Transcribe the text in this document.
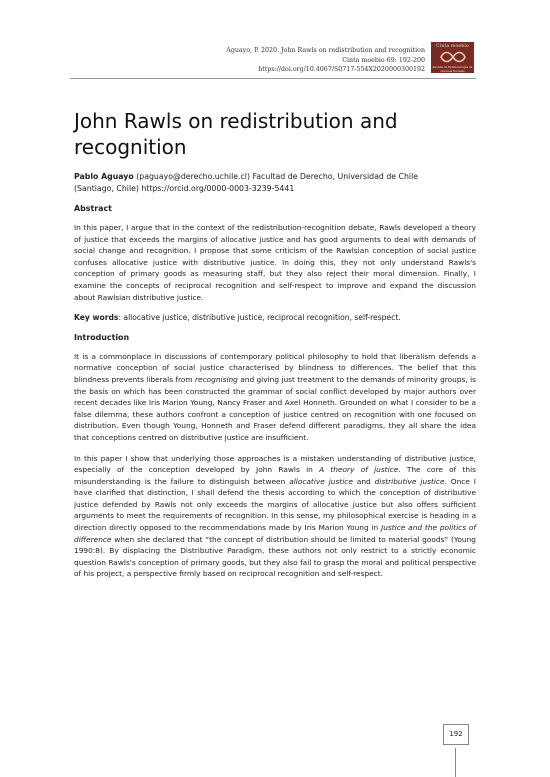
Aguayo, P. 2020. John Rawls on redistribution and recognition
Cinta moebio 69: 192-200
https://doi.org/10.4067/S0717-554X2020000300192
Cinta moebio
Revista de Epistemología de Ciencias Sociales
John Rawls on redistribution and recognition
Pablo Aguayo (paguayo@derecho.uchile.cl) Facultad de Derecho, Universidad de Chile
(Santiago, Chile) https://orcid.org/0000-0003-3239-5441
Abstract

In this paper, I argue that in the context of the redistribution-recognition debate, Rawls developed a theory of justice that exceeds the margins of allocative justice and has good arguments to deal with demands of social change and recognition. I propose that some criticism of the Rawlsian conception of social justice confuses allocative justice with distributive justice. In doing this, they not only understand Rawls's conception of primary goods as measuring staff, but they also reject their moral dimension. Finally, I examine the concepts of reciprocal recognition and self-respect to improve and expand the discussion about Rawlsian distributive justice.

Key words: allocative justice, distributive justice, reciprocal recognition, self-respect.
Introduction

It is a commonplace in discussions of contemporary political philosophy to hold that liberalism defends a normative conception of social justice characterised by blindness to differences. The belief that this blindness prevents liberals from recognising and giving just treatment to the demands of minority groups, is the basis on which has been constructed the grammar of social conflict developed by major authors over recent decades like Iris Marion Young, Nancy Fraser and Axel Honneth. Grounded on what I consider to be a false dilemma, these authors confront a conception of justice centred on recognition with one focused on distribution. Even though Young, Honneth and Fraser defend different paradigms, they all share the idea that conceptions centred on distributive justice are insufficient.

In this paper I show that underlying those approaches is a mistaken understanding of distributive justice, especially of the conception developed by John Rawls in A theory of justice. The core of this misunderstanding is the failure to distinguish between allocative justice and distributive justice. Once I have clarified that distinction, I shall defend the thesis according to which the conception of distributive justice defended by Rawls not only exceeds the margins of allocative justice but also offers sufficient arguments to meet the requirements of recognition. In this sense, my philosophical exercise is heading in a direction directly opposed to the recommendations made by Iris Marion Young in Justice and the politics of difference when she declared that “the concept of distribution should be limited to material goods” (Young 1990:8). By displacing the Distributive Paradigm, these authors not only restrict to a strictly economic question Rawls's conception of primary goods, but they also fail to grasp the moral and political perspective of his project, a perspective firmly based on reciprocal recognition and self-respect.

192
